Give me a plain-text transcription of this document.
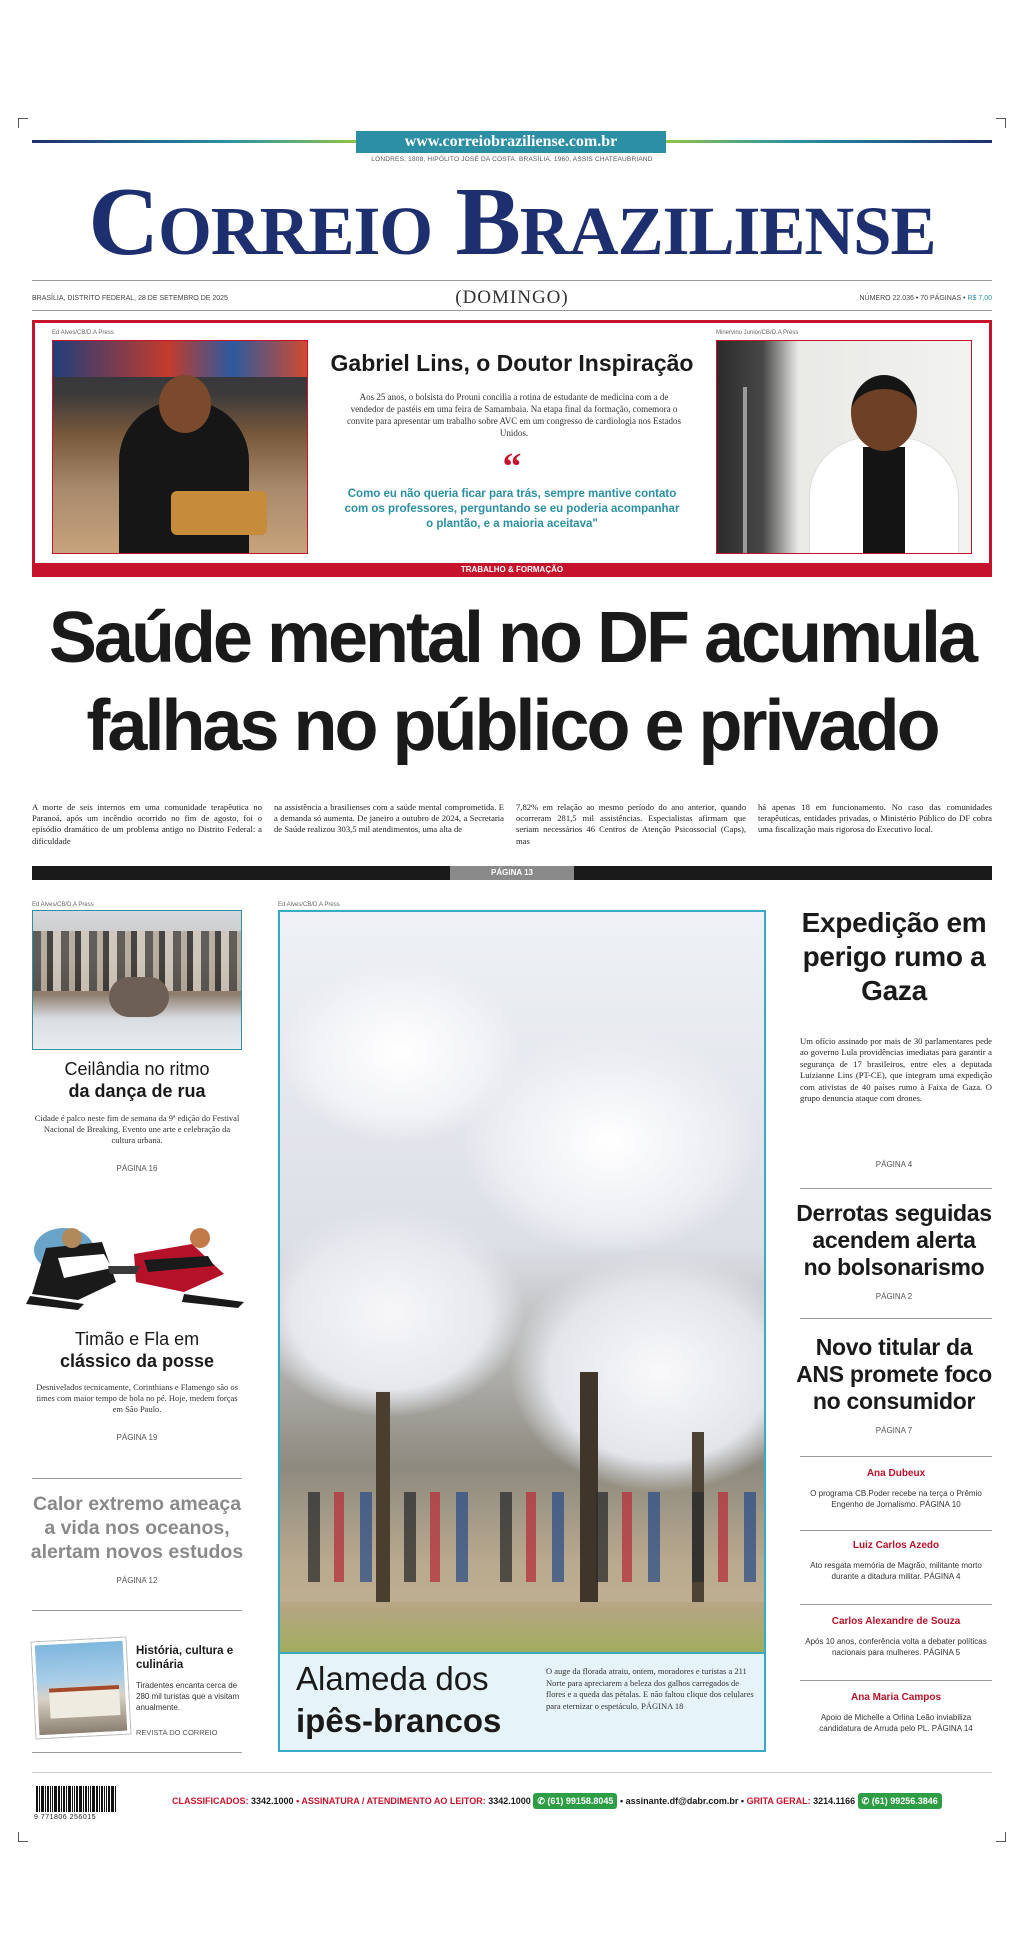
www.correiobraziliense.com.br
LONDRES, 1808, HIPÓLITO JOSÉ DA COSTA. BRASÍLIA, 1960, ASSIS CHATEAUBRIAND
Correio Braziliense
BRASÍLIA, DISTRITO FEDERAL, 28 DE SETEMBRO DE 2025	(DOMINGO)	NÚMERO 22.036 • 70 PÁGINAS • R$ 7,00
Ed Alves/CB/D.A Press
Gabriel Lins, o Doutor Inspiração
Aos 25 anos, o bolsista do Prouni concilia a rotina de estudante de medicina com a de vendedor de pastéis em uma feira de Samambaia. Na etapa final da formação, comemora o convite para apresentar um trabalho sobre AVC em um congresso de cardiologia nos Estados Unidos.
“
Como eu não queria ficar para trás, sempre mantive contato com os professores, perguntando se eu poderia acompanhar o plantão, e a maioria aceitava"
Minervino Junior/CB/D.A Press
TRABALHO & FORMAÇÃO
Saúde mental no DF acumula
falhas no público e privado
A morte de seis internos em uma comunidade terapêutica no Paranoá, após um incêndio ocorrido no fim de agosto, foi o episódio dramático de um problema antigo no Distrito Federal: a dificuldade
na assistência a brasilienses com a saúde mental comprometida. E a demanda só aumenta. De janeiro a outubro de 2024, a Secretaria de Saúde realizou 303,5 mil atendimentos, uma alta de
7,82% em relação ao mesmo período do ano anterior, quando ocorreram 281,5 mil assistências. Especialistas afirmam que seriam necessários 46 Centros de Atenção Psicossocial (Caps), mas
há apenas 18 em funcionamento. No caso das comunidades terapêuticas, entidades privadas, o Ministério Público do DF cobra uma fiscalização mais rigorosa do Executivo local.
PÁGINA 13
Ed Alves/CB/D.A Press
Ceilândia no ritmo
da dança de rua
Cidade é palco neste fim de semana da 9ª edição do Festival Nacional de Breaking. Evento une arte e celebração da cultura urbana.
PÁGINA 16
Timão e Fla em
clássico da posse
Desnivelados tecnicamente, Corinthians e Flamengo são os times com maior tempo de bola no pé. Hoje, medem forças em São Paulo.
PÁGINA 19
Calor extremo ameaça a vida nos oceanos, alertam novos estudos
PÁGINA 12
História, cultura e culinária
Tiradentes encanta cerca de 280 mil turistas que a visitam anualmente.
REVISTA DO CORREIO
Ed Alves/CB/D.A Press
Alameda dos
ipês-brancos
O auge da florada atraiu, ontem, moradores e turistas a 211 Norte para apreciarem a beleza dos galhos carregados de flores e a queda das pétalas. E não faltou clique dos celulares para eternizar o espetáculo. PÁGINA 18
Expedição em perigo rumo a Gaza
Um ofício assinado por mais de 30 parlamentares pede ao governo Lula providências imediatas para garantir a segurança de 17 brasileiros, entre eles a deputada Luizianne Lins (PT-CE), que integram uma expedição com ativistas de 40 países rumo à Faixa de Gaza. O grupo denuncia ataque com drones.
PÁGINA 4
Derrotas seguidas acendem alerta no bolsonarismo
PÁGINA 2
Novo titular da ANS promete foco no consumidor
PÁGINA 7
Ana Dubeux
O programa CB.Poder recebe na terça o Prêmio Engenho de Jornalismo. PÁGINA 10
Luiz Carlos Azedo
Ato resgata memória de Magrão, militante morto durante a ditadura militar. PÁGINA 4
Carlos Alexandre de Souza
Após 10 anos, conferência volta a debater políticas nacionais para mulheres. PÁGINA 5
Ana Maria Campos
Apoio de Michelle a Orlina Leão inviabiliza candidatura de Arruda pelo PL. PÁGINA 14
9 771806 256015
CLASSIFICADOS: 3342.1000 • ASSINATURA / ATENDIMENTO AO LEITOR: 3342.1000 ✆ (61) 99158.8045 • assinante.df@dabr.com.br • GRITA GERAL: 3214.1166 ✆ (61) 99256.3846
